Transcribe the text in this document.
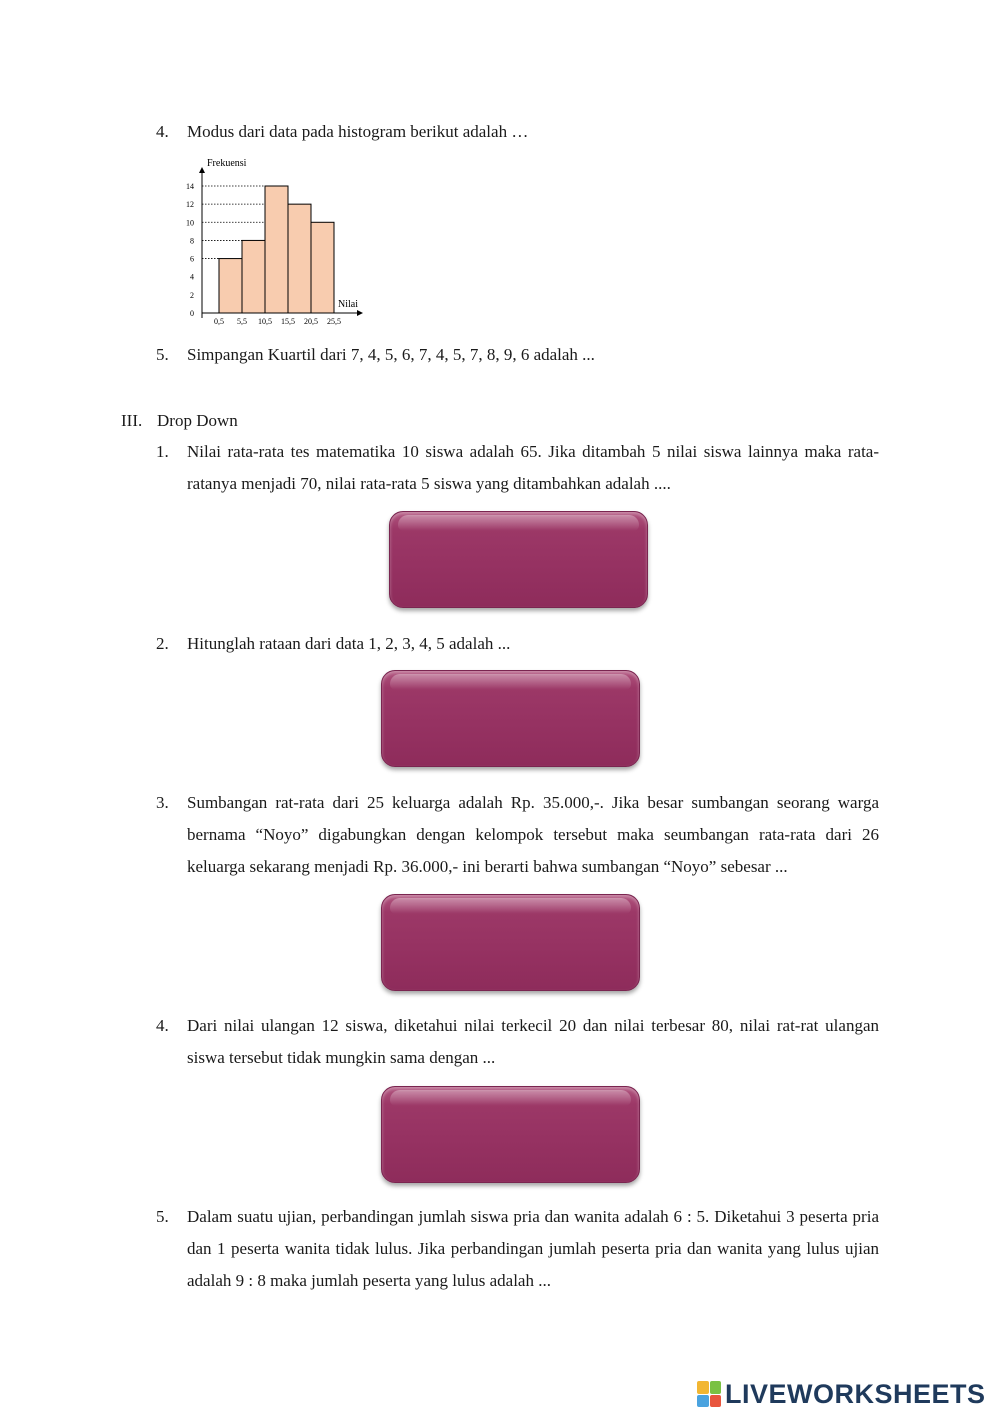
4. Modus dari data pada histogram berikut adalah …
Frekuensi
Nilai
0
2
4
6
8
10
12
14
0,5 5,5 10,5 15,5 20,5 25,5
5. Simpangan Kuartil dari 7, 4, 5, 6, 7, 4, 5, 7, 8, 9, 6 adalah ...
III. Drop Down
1. Nilai rata-rata tes matematika 10 siswa adalah 65. Jika ditambah 5 nilai siswa lainnya maka rata-ratanya menjadi 70, nilai rata-rata 5 siswa yang ditambahkan adalah ....
2. Hitunglah rataan dari data 1, 2, 3, 4, 5 adalah ...
3. Sumbangan rat-rata dari 25 keluarga adalah Rp. 35.000,-. Jika besar sumbangan seorang warga bernama “Noyo” digabungkan dengan kelompok tersebut maka seumbangan rata-rata dari 26 keluarga sekarang menjadi Rp. 36.000,- ini berarti bahwa sumbangan “Noyo” sebesar ...
4. Dari nilai ulangan 12 siswa, diketahui nilai terkecil 20 dan nilai terbesar 80, nilai rat-rat ulangan siswa tersebut tidak mungkin sama dengan ...
5. Dalam suatu ujian, perbandingan jumlah siswa pria dan wanita adalah 6 : 5. Diketahui 3 peserta pria dan 1 peserta wanita tidak lulus. Jika perbandingan jumlah peserta pria dan wanita yang lulus ujian adalah 9 : 8 maka jumlah peserta yang lulus adalah ...
LIVEWORKSHEETS
